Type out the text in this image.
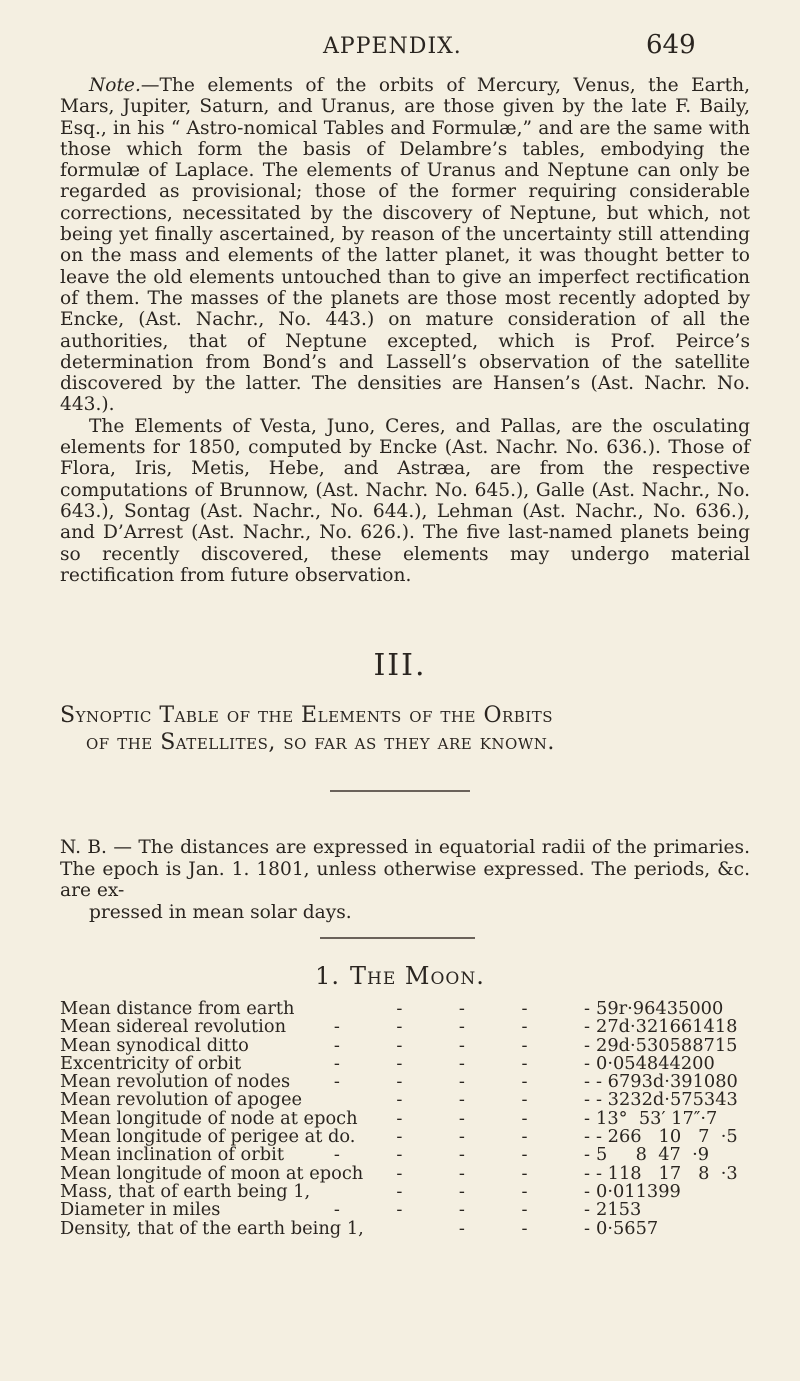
APPENDIX.	649

Note.—The elements of the orbits of Mercury, Venus, the Earth, Mars, Jupiter, Saturn, and Uranus, are those given by the late F. Baily, Esq., in his “ Astro-nomical Tables and Formulæ,” and are the same with those which form the basis of Delambre’s tables, embodying the formulæ of Laplace. The elements of Uranus and Neptune can only be regarded as provisional; those of the former requiring considerable corrections, necessitated by the discovery of Neptune, but which, not being yet finally ascertained, by reason of the uncertainty still attending on the mass and elements of the latter planet, it was thought better to leave the old elements untouched than to give an imperfect rectification of them. The masses of the planets are those most recently adopted by Encke, (Ast. Nachr., No. 443.) on mature consideration of all the authorities, that of Neptune excepted, which is Prof. Peirce’s determination from Bond’s and Lassell’s observation of the satellite discovered by the latter. The densities are Hansen’s (Ast. Nachr. No. 443.).

The Elements of Vesta, Juno, Ceres, and Pallas, are the osculating elements for 1850, computed by Encke (Ast. Nachr. No. 636.). Those of Flora, Iris, Metis, Hebe, and Astræa, are from the respective computations of Brunnow, (Ast. Nachr. No. 645.), Galle (Ast. Nachr., No. 643.), Sontag (Ast. Nachr., No. 644.), Lehman (Ast. Nachr., No. 636.), and D’Arrest (Ast. Nachr., No. 626.). The five last-named planets being so recently discovered, these elements may undergo material rectification from future observation.

III.
Synoptic Table of the Elements of the Orbits
of the Satellites, so far as they are known.

N. B. — The distances are expressed in equatorial radii of the primaries. The epoch is Jan. 1. 1801, unless otherwise expressed. The periods, &c. are ex-

pressed in mean solar days.

1. The Moon.
Mean distance from earth	-          -          -          - 59r·96435000
Mean sidereal revolution	-          -          -          -          - 27d·321661418
Mean synodical ditto	-          -          -          -          - 29d·530588715
Excentricity of orbit	-          -          -          -          - 0·054844200
Mean revolution of nodes	-          -          -          -          - - 6793d·391080
Mean revolution of apogee	-          -          -          - - 3232d·575343
Mean longitude of node at epoch	-          -          -          - 13°  53′ 17″·7
Mean longitude of perigee at do.	-          -          -          - - 266   10   7  ·5
Mean inclination of orbit	-          -          -          -          - 5     8  47  ·9
Mean longitude of moon at epoch	-          -          -          - - 118   17   8  ·3
Mass, that of earth being 1,	-          -          -          - 0·011399
Diameter in miles	-          -          -          -          - 2153
Density, that of the earth being 1,	-          -          - 0·5657
